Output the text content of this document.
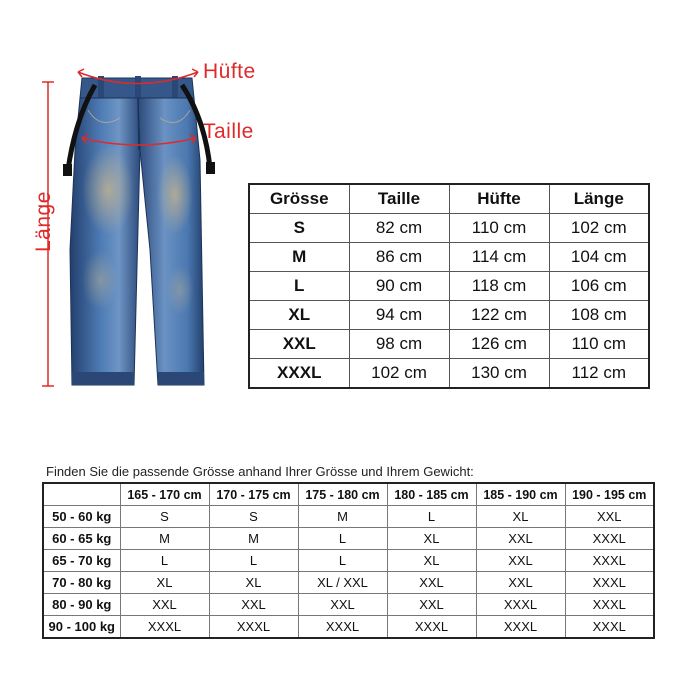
Hüfte
Taille
Länge	Grösse	Taille	Hüfte	Länge
S	82 cm	110 cm	102 cm
M	86 cm	114 cm	104 cm
L	90 cm	118 cm	106 cm
XL	94 cm	122 cm	108 cm
XXL	98 cm	126 cm	110 cm
XXXL	102 cm	130 cm	112 cm
Finden Sie die passende Grösse anhand Ihrer Grösse und Ihrem Gewicht:
	165 - 170 cm	170 - 175 cm	175 - 180 cm	180 - 185 cm	185 - 190 cm	190 - 195 cm
50 - 60 kg	S	S	M	L	XL	XXL
60 - 65 kg	M	M	L	XL	XXL	XXXL
65 - 70 kg	L	L	L	XL	XXL	XXXL
70 - 80 kg	XL	XL	XL / XXL	XXL	XXL	XXXL
80 - 90 kg	XXL	XXL	XXL	XXL	XXXL	XXXL
90 - 100 kg	XXXL	XXXL	XXXL	XXXL	XXXL	XXXL
